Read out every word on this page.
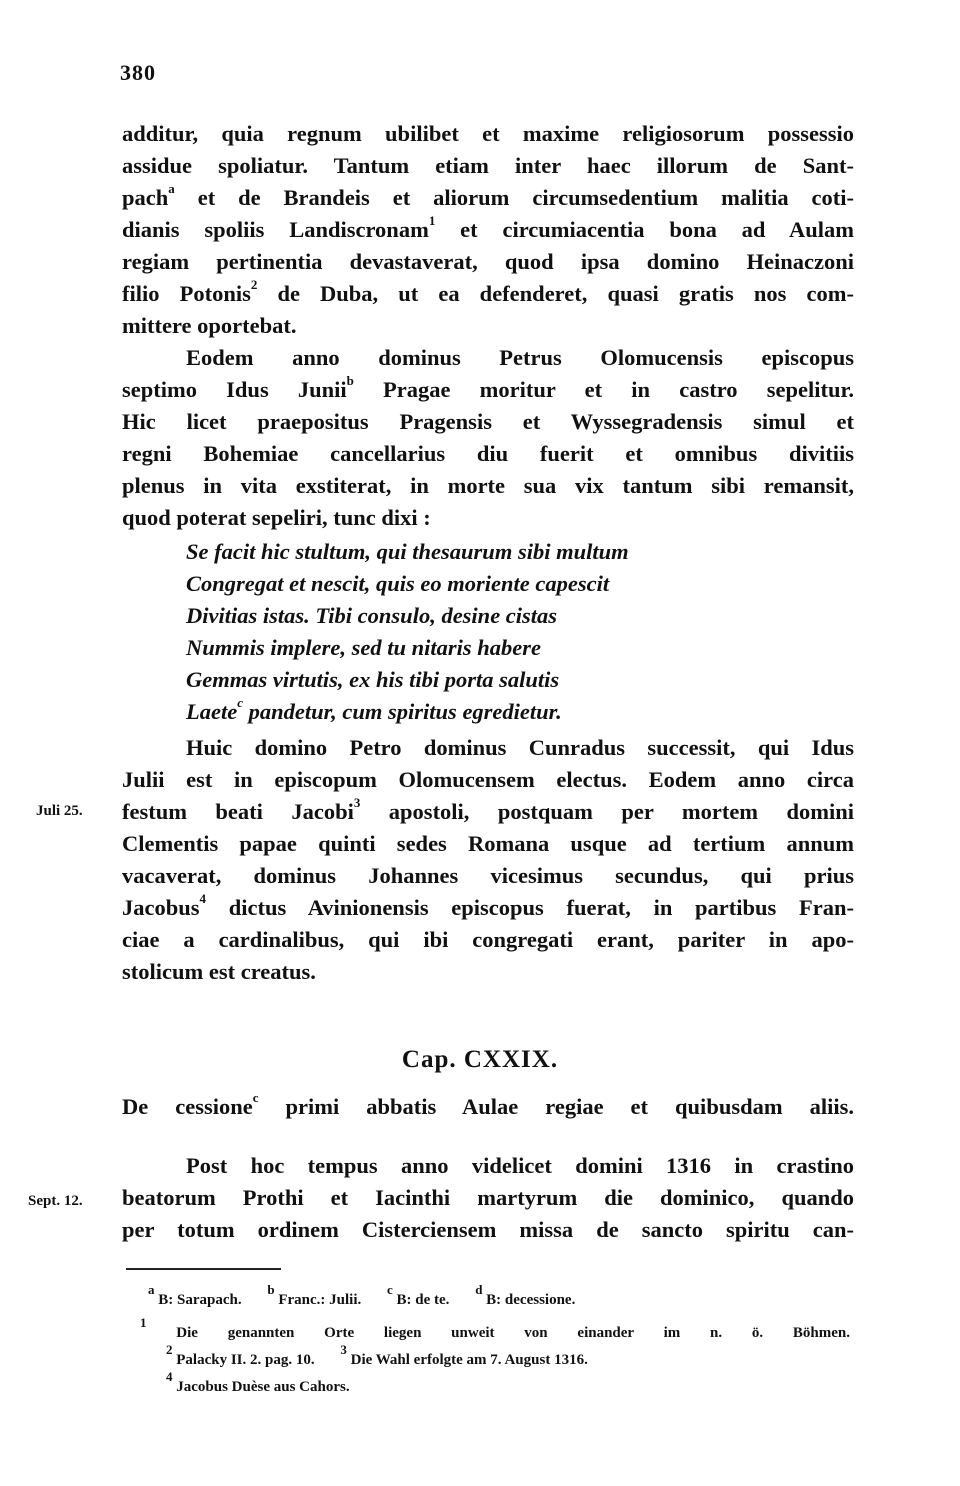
380
additur, quia regnum ubilibet et maxime religiosorum possessio
assidue spoliatur. Tantum etiam inter haec illorum de Sant-
pach$^a$ et de Brandeis et aliorum circumsedentium malitia coti-
dianis spoliis Landiscronam$^1$ et circumiacentia bona ad Aulam
regiam pertinentia devastaverat, quod ipsa domino Heinaczoni
filio Potonis$^2$ de Duba, ut ea defenderet, quasi gratis nos com-
mittere oportebat.
Eodem anno dominus Petrus Olomucensis episcopus
septimo Idus Junii$^b$ Pragae moritur et in castro sepelitur.
Hic licet praepositus Pragensis et Wyssegradensis simul et
regni Bohemiae cancellarius diu fuerit et omnibus divitiis
plenus in vita exstiterat, in morte sua vix tantum sibi remansit,
quod poterat sepeliri, tunc dixi :
Se facit hic stultum, qui thesaurum sibi multum
Congregat et nescit, quis eo moriente capescit
Divitias istas. Tibi consulo, desine cistas
Nummis implere, sed tu nitaris habere
Gemmas virtutis, ex his tibi porta salutis
Laete$^c$ pandetur, cum spiritus egredietur.
Huic domino Petro dominus Cunradus successit, qui Idus
Julii est in episcopum Olomucensem electus. Eodem anno circa
festum beati Jacobi$^3$ apostoli, postquam per mortem domini
Clementis papae quinti sedes Romana usque ad tertium annum
vacaverat, dominus Johannes vicesimus secundus, qui prius
Jacobus$^4$ dictus Avinionensis episcopus fuerat, in partibus Fran-
ciae a cardinalibus, qui ibi congregati erant, pariter in apo-
stolicum est creatus.
Juli 25.
Cap. CXXIX.
De cessione$^c$ primi abbatis Aulae regiae et quibusdam aliis.
Post hoc tempus anno videlicet domini 1316 in crastino
beatorum Prothi et Iacinthi martyrum die dominico, quando
per totum ordinem Cisterciensem missa de sancto spiritu can-
Sept. 12.
$^a$ B: Sarapach. $^b$ Franc.: Julii. $^c$ B: de te. $^d$ B: decessione.
$^1$ Die genannten Orte liegen unweit von einander im n. ö. Böhmen.
$^2$ Palacky II. 2. pag. 10. $^3$ Die Wahl erfolgte am 7. August 1316.
$^4$ Jacobus Duèse aus Cahors.
